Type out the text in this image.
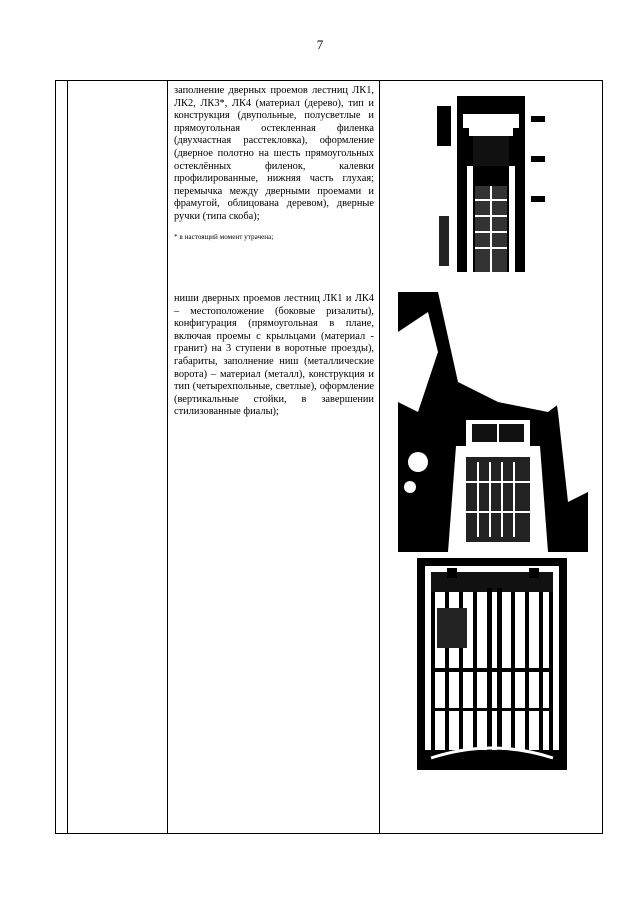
7
заполнение дверных проемов лестниц ЛК1, ЛК2, ЛК3*, ЛК4 (материал (дерево), тип и конструкция (двупольные, полусветлые и прямоугольная остекленная филенка (двухчастная расстекловка), оформление (дверное полотно на шесть прямоугольных остеклённых филенок, калевки профилированные, нижняя часть глухая; перемычка между дверными проемами и фрамугой, облицована деревом), дверные ручки (типа скоба);
* в настоящий момент утрачена;
ниши дверных проемов лестниц ЛК1 и ЛК4 – местоположение (боковые ризалиты), конфигурация (прямоугольная в плане, включая проемы с крыльцами (материал - гранит) на 3 ступени в воротные проезды), габариты, заполнение ниш (металлические ворота) – материал (металл), конструкция и тип (четырехпольные, светлые), оформление (вертикальные стойки, в завершении стилизованные фиалы);
